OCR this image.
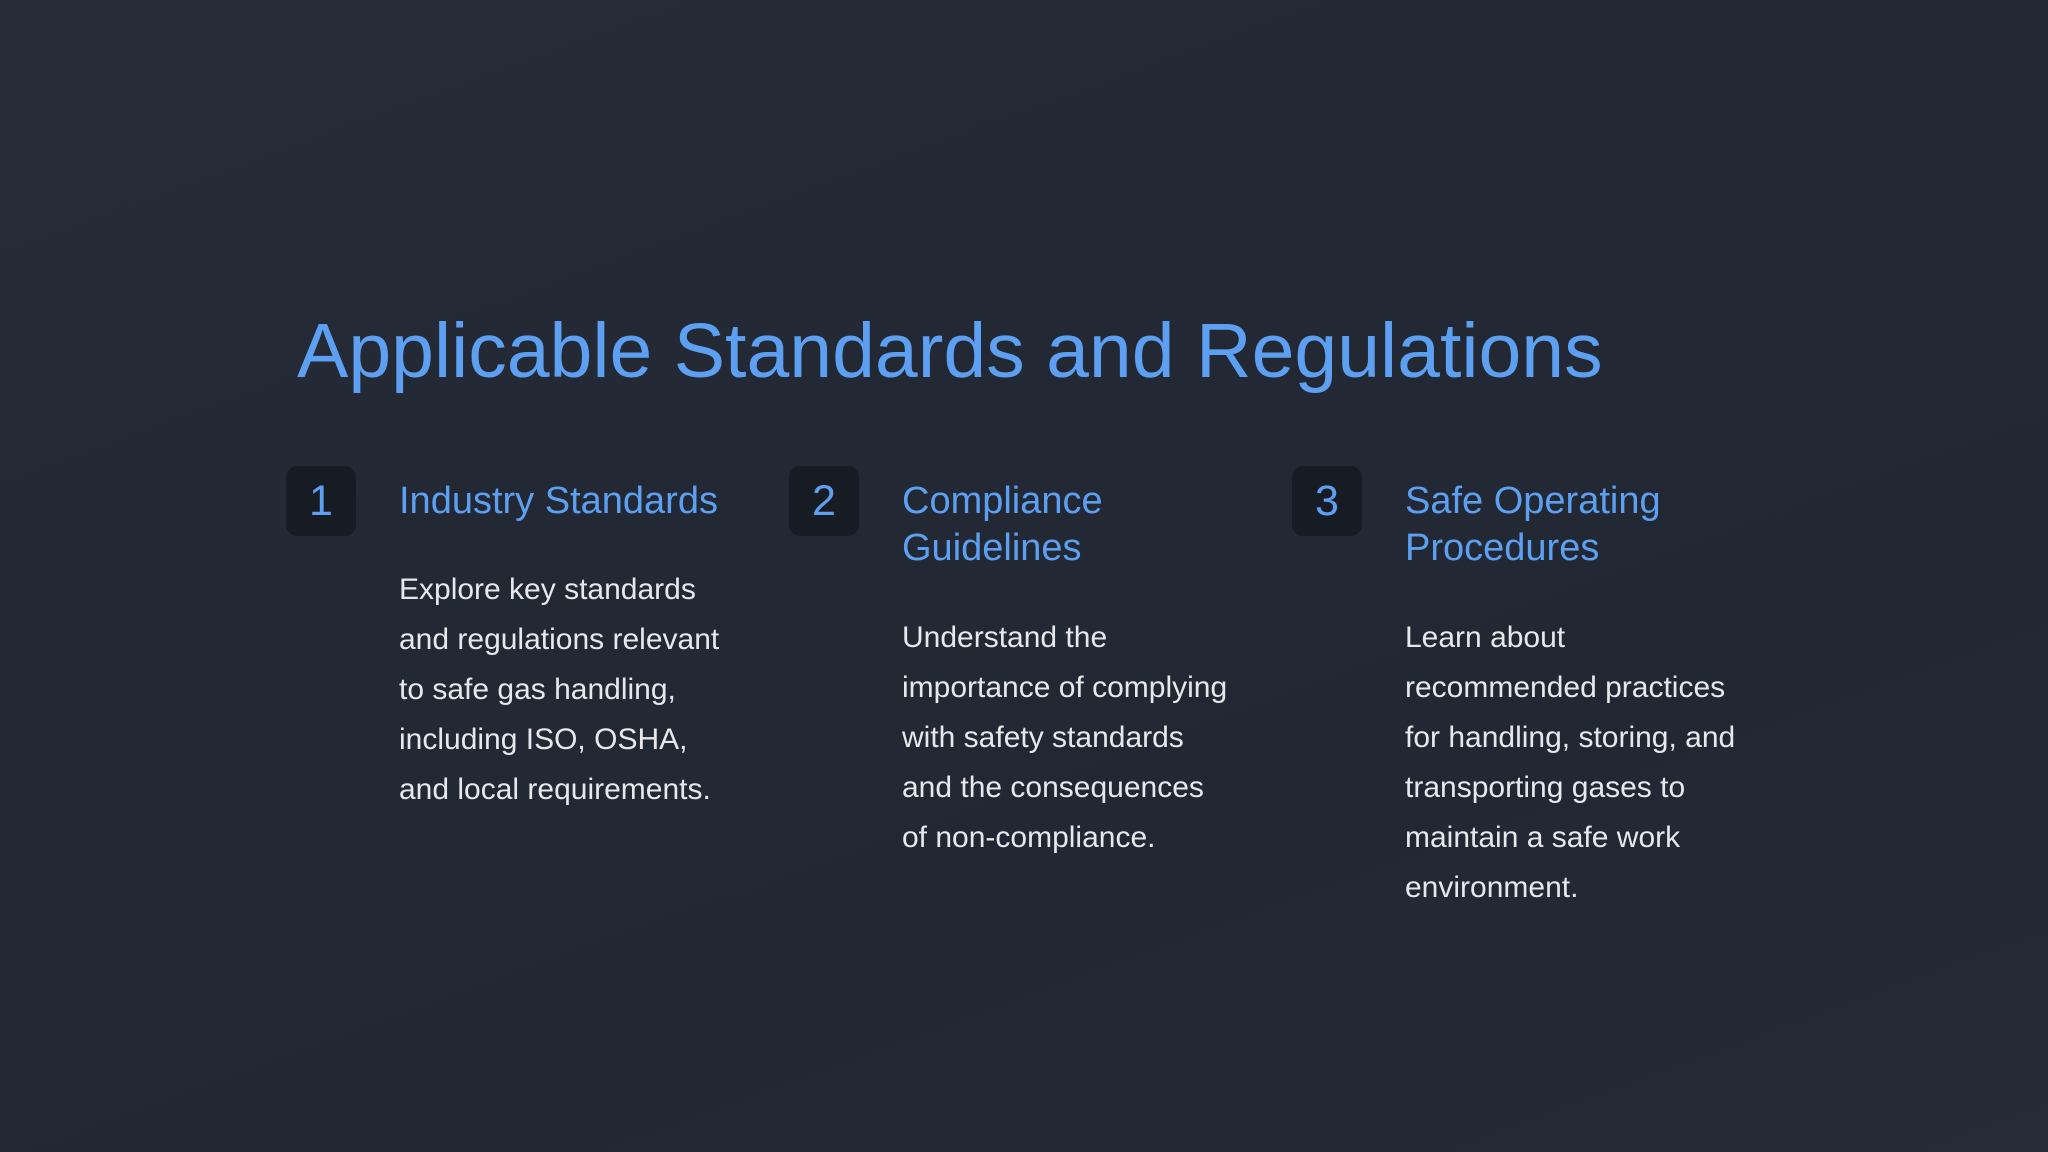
Applicable Standards and Regulations
1	Industry Standards

Explore key standards
and regulations relevant
to safe gas handling,
including ISO, OSHA,
and local requirements.

2	Compliance
Guidelines

Understand the
importance of complying
with safety standards
and the consequences
of non-compliance.

3	Safe Operating
Procedures

Learn about
recommended practices
for handling, storing, and
transporting gases to
maintain a safe work
environment.
